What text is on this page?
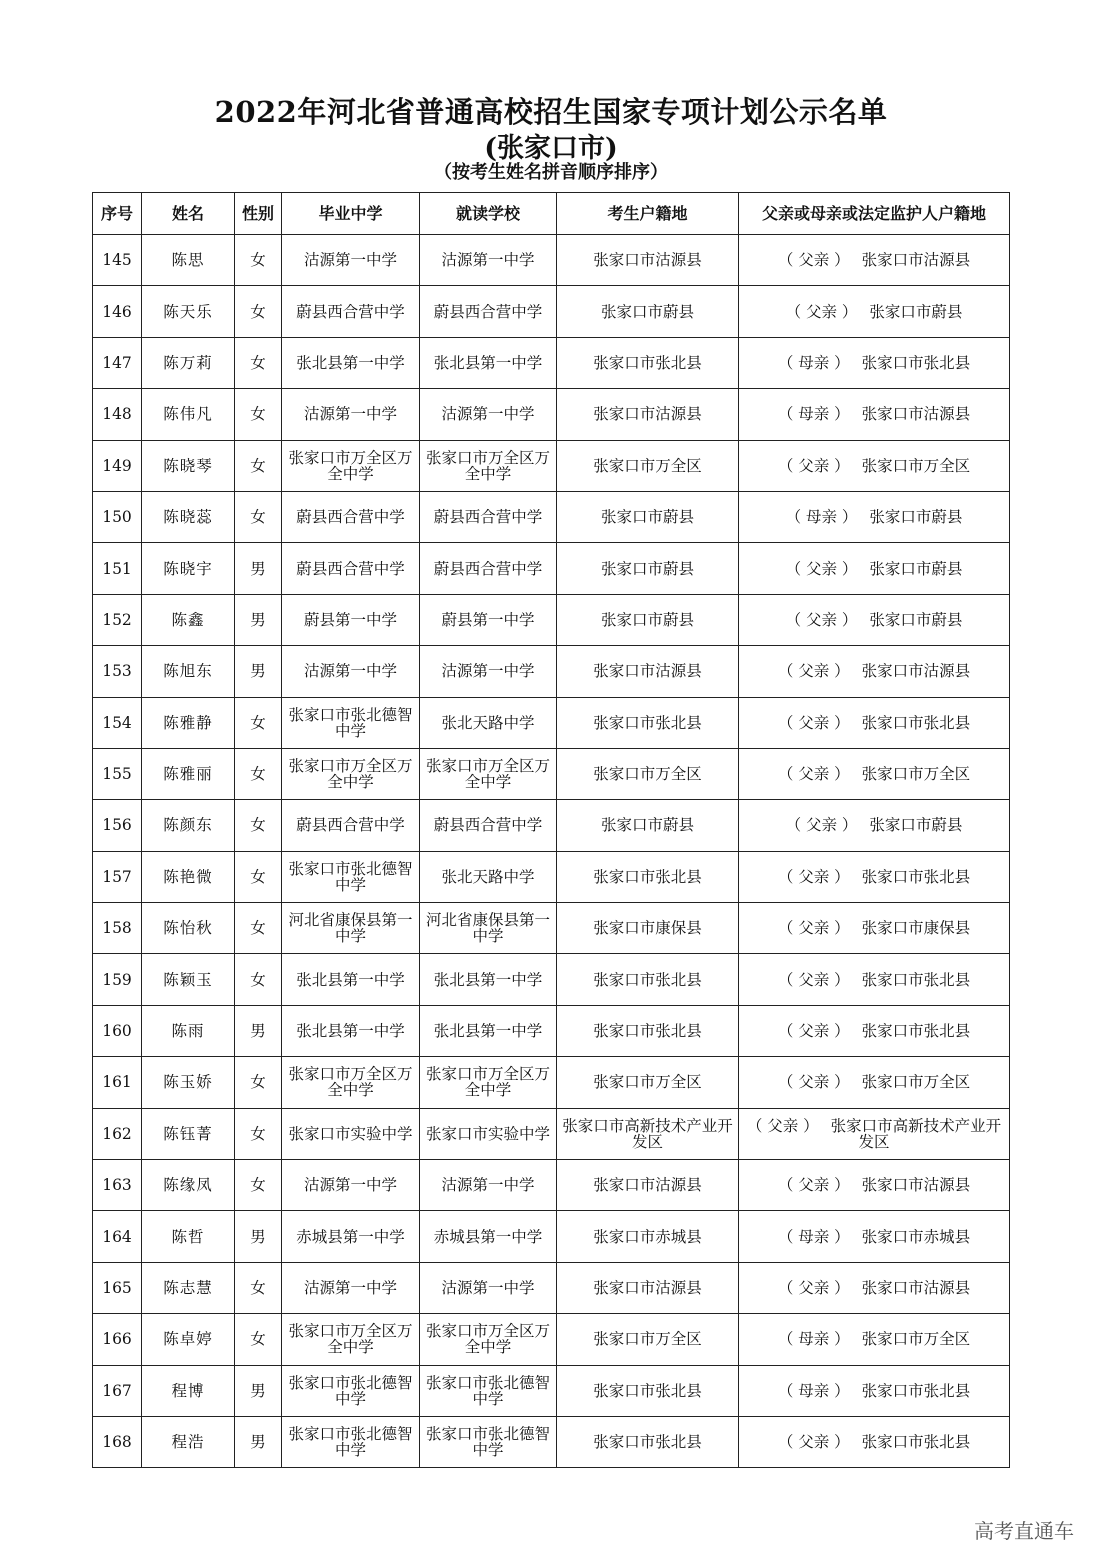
2022年河北省普通高校招生国家专项计划公示名单
(张家口市)
（按考生姓名拼音顺序排序）
序号	姓名	性别	毕业中学	就读学校	考生户籍地	父亲或母亲或法定监护人户籍地
145	陈思	女	沽源第一中学	沽源第一中学	张家口市沽源县	（ 父亲 ） 张家口市沽源县
146	陈天乐	女	蔚县西合营中学	蔚县西合营中学	张家口市蔚县	（ 父亲 ） 张家口市蔚县
147	陈万莉	女	张北县第一中学	张北县第一中学	张家口市张北县	（ 母亲 ） 张家口市张北县
148	陈伟凡	女	沽源第一中学	沽源第一中学	张家口市沽源县	（ 母亲 ） 张家口市沽源县
149	陈晓琴	女	张家口市万全区万全中学	张家口市万全区万全中学	张家口市万全区	（ 父亲 ） 张家口市万全区
150	陈晓蕊	女	蔚县西合营中学	蔚县西合营中学	张家口市蔚县	（ 母亲 ） 张家口市蔚县
151	陈晓宇	男	蔚县西合营中学	蔚县西合营中学	张家口市蔚县	（ 父亲 ） 张家口市蔚县
152	陈鑫	男	蔚县第一中学	蔚县第一中学	张家口市蔚县	（ 父亲 ） 张家口市蔚县
153	陈旭东	男	沽源第一中学	沽源第一中学	张家口市沽源县	（ 父亲 ） 张家口市沽源县
154	陈雅静	女	张家口市张北德智中学	张北天路中学	张家口市张北县	（ 父亲 ） 张家口市张北县
155	陈雅丽	女	张家口市万全区万全中学	张家口市万全区万全中学	张家口市万全区	（ 父亲 ） 张家口市万全区
156	陈颜东	女	蔚县西合营中学	蔚县西合营中学	张家口市蔚县	（ 父亲 ） 张家口市蔚县
157	陈艳微	女	张家口市张北德智中学	张北天路中学	张家口市张北县	（ 父亲 ） 张家口市张北县
158	陈怡秋	女	河北省康保县第一中学	河北省康保县第一中学	张家口市康保县	（ 父亲 ） 张家口市康保县
159	陈颖玉	女	张北县第一中学	张北县第一中学	张家口市张北县	（ 父亲 ） 张家口市张北县
160	陈雨	男	张北县第一中学	张北县第一中学	张家口市张北县	（ 父亲 ） 张家口市张北县
161	陈玉娇	女	张家口市万全区万全中学	张家口市万全区万全中学	张家口市万全区	（ 父亲 ） 张家口市万全区
162	陈钰菁	女	张家口市实验中学	张家口市实验中学	张家口市高新技术产业开发区	（ 父亲 ） 张家口市高新技术产业开发区
163	陈缘凤	女	沽源第一中学	沽源第一中学	张家口市沽源县	（ 父亲 ） 张家口市沽源县
164	陈哲	男	赤城县第一中学	赤城县第一中学	张家口市赤城县	（ 母亲 ） 张家口市赤城县
165	陈志慧	女	沽源第一中学	沽源第一中学	张家口市沽源县	（ 父亲 ） 张家口市沽源县
166	陈卓婷	女	张家口市万全区万全中学	张家口市万全区万全中学	张家口市万全区	（ 母亲 ） 张家口市万全区
167	程博	男	张家口市张北德智中学	张家口市张北德智中学	张家口市张北县	（ 母亲 ） 张家口市张北县
168	程浩	男	张家口市张北德智中学	张家口市张北德智中学	张家口市张北县	（ 父亲 ） 张家口市张北县
高考直通车
